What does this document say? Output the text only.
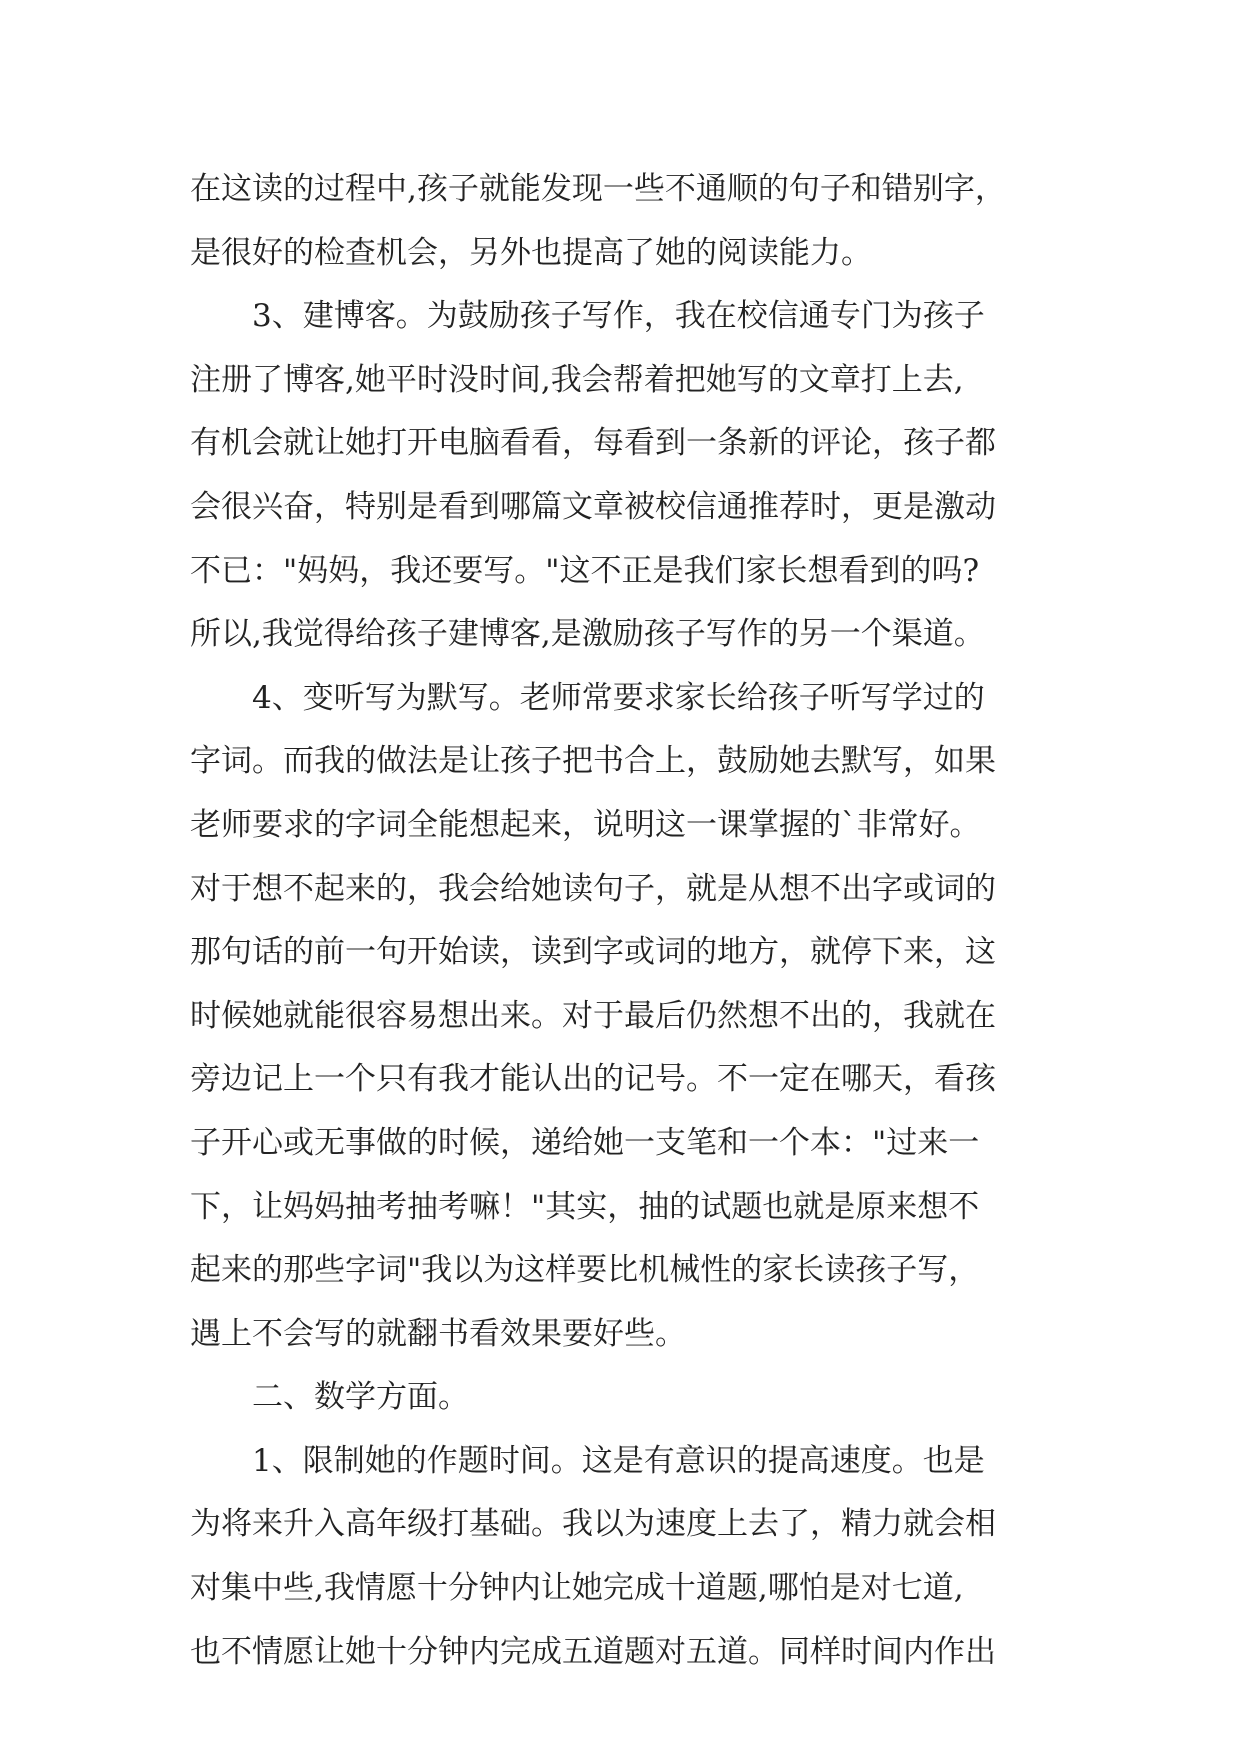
在这读的过程中,孩子就能发现一些不通顺的句子和错别字，
是很好的检查机会，另外也提高了她的阅读能力。
3、建博客。为鼓励孩子写作，我在校信通专门为孩子
注册了博客,她平时没时间,我会帮着把她写的文章打上去,
有机会就让她打开电脑看看，每看到一条新的评论，孩子都
会很兴奋，特别是看到哪篇文章被校信通推荐时，更是激动
不已："妈妈，我还要写。"这不正是我们家长想看到的吗?
所以,我觉得给孩子建博客,是激励孩子写作的另一个渠道。
4、变听写为默写。老师常要求家长给孩子听写学过的
字词。而我的做法是让孩子把书合上，鼓励她去默写，如果
老师要求的字词全能想起来，说明这一课掌握的`非常好。
对于想不起来的，我会给她读句子，就是从想不出字或词的
那句话的前一句开始读，读到字或词的地方，就停下来，这
时候她就能很容易想出来。对于最后仍然想不出的，我就在
旁边记上一个只有我才能认出的记号。不一定在哪天，看孩
子开心或无事做的时候，递给她一支笔和一个本："过来一
下，让妈妈抽考抽考嘛！"其实，抽的试题也就是原来想不
起来的那些字词"我以为这样要比机械性的家长读孩子写，
遇上不会写的就翻书看效果要好些。
二、数学方面。
1、限制她的作题时间。这是有意识的提高速度。也是
为将来升入高年级打基础。我以为速度上去了，精力就会相
对集中些,我情愿十分钟内让她完成十道题,哪怕是对七道,
也不情愿让她十分钟内完成五道题对五道。同样时间内作出
